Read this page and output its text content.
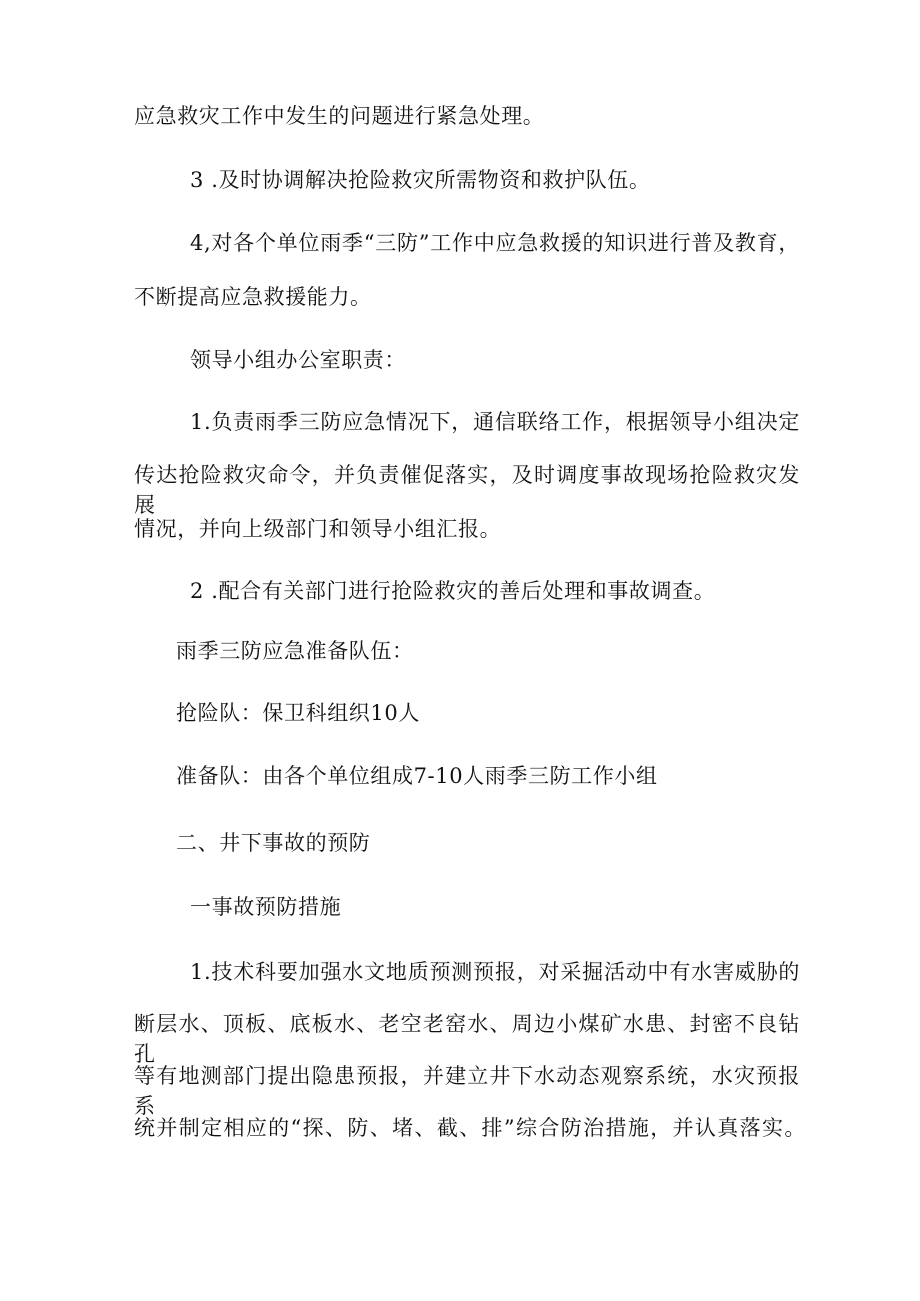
应急救灾工作中发生的问题进行紧急处理。

3 .及时协调解决抢险救灾所需物资和救护队伍。

4,对各个单位雨季“三防”工作中应急救援的知识进行普及教育，

不断提高应急救援能力。

领导小组办公室职责：

1.负责雨季三防应急情况下，通信联络工作，根据领导小组决定

传达抢险救灾命令，并负责催促落实，及时调度事故现场抢险救灾发展

情况，并向上级部门和领导小组汇报。

2 .配合有关部门进行抢险救灾的善后处理和事故调查。

雨季三防应急准备队伍：

抢险队：保卫科组织10人

准备队：由各个单位组成7-10人雨季三防工作小组

二、井下事故的预防

一事故预防措施

1.技术科要加强水文地质预测预报，对采掘活动中有水害威胁的

断层水、顶板、底板水、老空老窑水、周边小煤矿水患、封密不良钻孔

等有地测部门提出隐患预报，并建立井下水动态观察系统，水灾预报系

统并制定相应的“探、防、堵、截、排”综合防治措施，并认真落实。
